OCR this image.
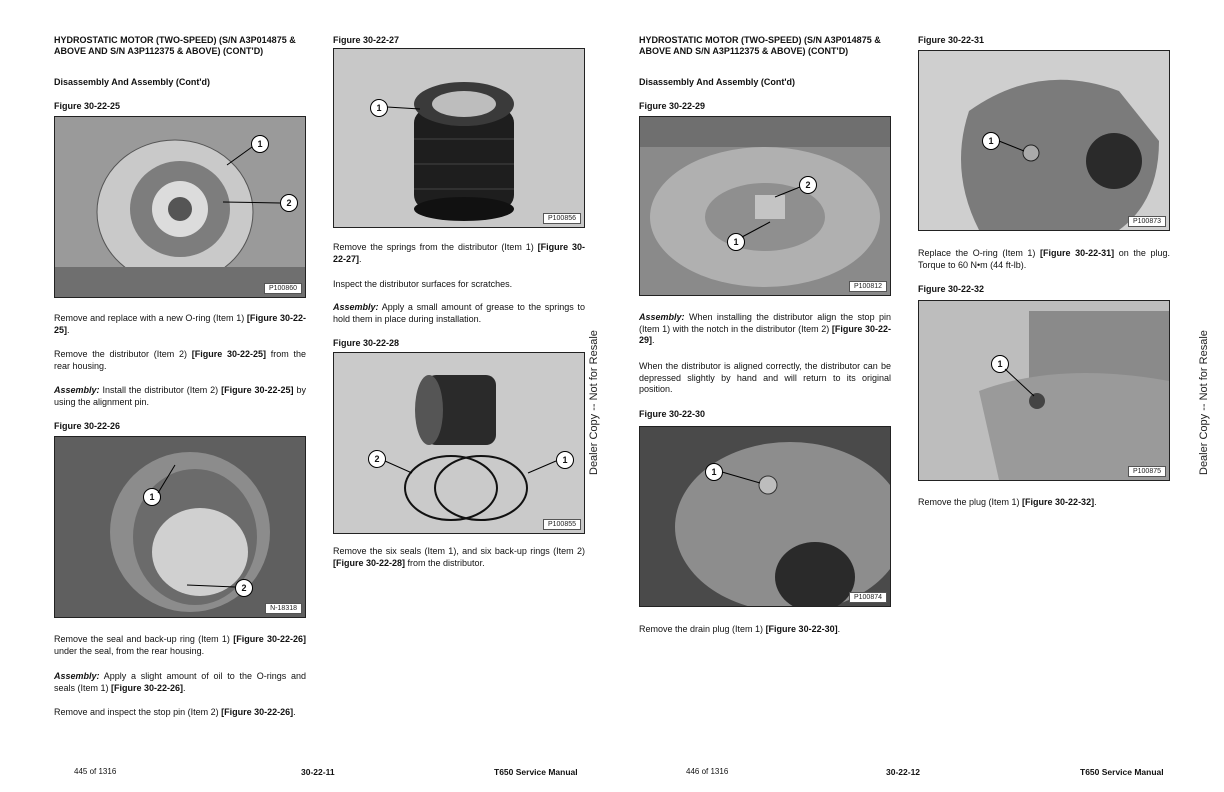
HYDROSTATIC MOTOR (TWO-SPEED) (S/N A3P014875 & ABOVE AND S/N A3P112375 & ABOVE) (CONT'D)
Disassembly And Assembly (Cont'd)
Figure 30-22-25
1
2
P100860
Remove and replace with a new O-ring (Item 1) [Figure 30-22-25].
Remove the distributor (Item 2) [Figure 30-22-25] from the rear housing.
Assembly: Install the distributor (Item 2) [Figure 30-22-25] by using the alignment pin.
Figure 30-22-26
1
2
N-18318
Remove the seal and back-up ring (Item 1) [Figure 30-22-26] under the seal, from the rear housing.
Assembly: Apply a slight amount of oil to the O-rings and seals (Item 1) [Figure 30-22-26].
Remove and inspect the stop pin (Item 2) [Figure 30-22-26].
Figure 30-22-27
1
P100856
Remove the springs from the distributor (Item 1) [Figure 30-22-27].
Inspect the distributor surfaces for scratches.
Assembly: Apply a small amount of grease to the springs to hold them in place during installation.
Figure 30-22-28
1
2
P100855
Remove the six seals (Item 1), and six back-up rings (Item 2) [Figure 30-22-28] from the distributor.
Dealer Copy -- Not for Resale
445 of 1316	30-22-11	T650 Service Manual
HYDROSTATIC MOTOR (TWO-SPEED) (S/N A3P014875 & ABOVE AND S/N A3P112375 & ABOVE) (CONT'D)
Disassembly And Assembly (Cont'd)
Figure 30-22-29
1
2
P100812
Assembly: When installing the distributor align the stop pin (Item 1) with the notch in the distributor (Item 2) [Figure 30-22-29].
When the distributor is aligned correctly, the distributor can be depressed slightly by hand and will return to its original position.
Figure 30-22-30
1
P100874
Remove the drain plug (Item 1) [Figure 30-22-30].
Figure 30-22-31
1
P100873
Replace the O-ring (Item 1) [Figure 30-22-31] on the plug. Torque to 60 N•m (44 ft-lb).
Figure 30-22-32
1
P100875
Remove the plug (Item 1) [Figure 30-22-32].
Dealer Copy -- Not for Resale
446 of 1316	30-22-12	T650 Service Manual
